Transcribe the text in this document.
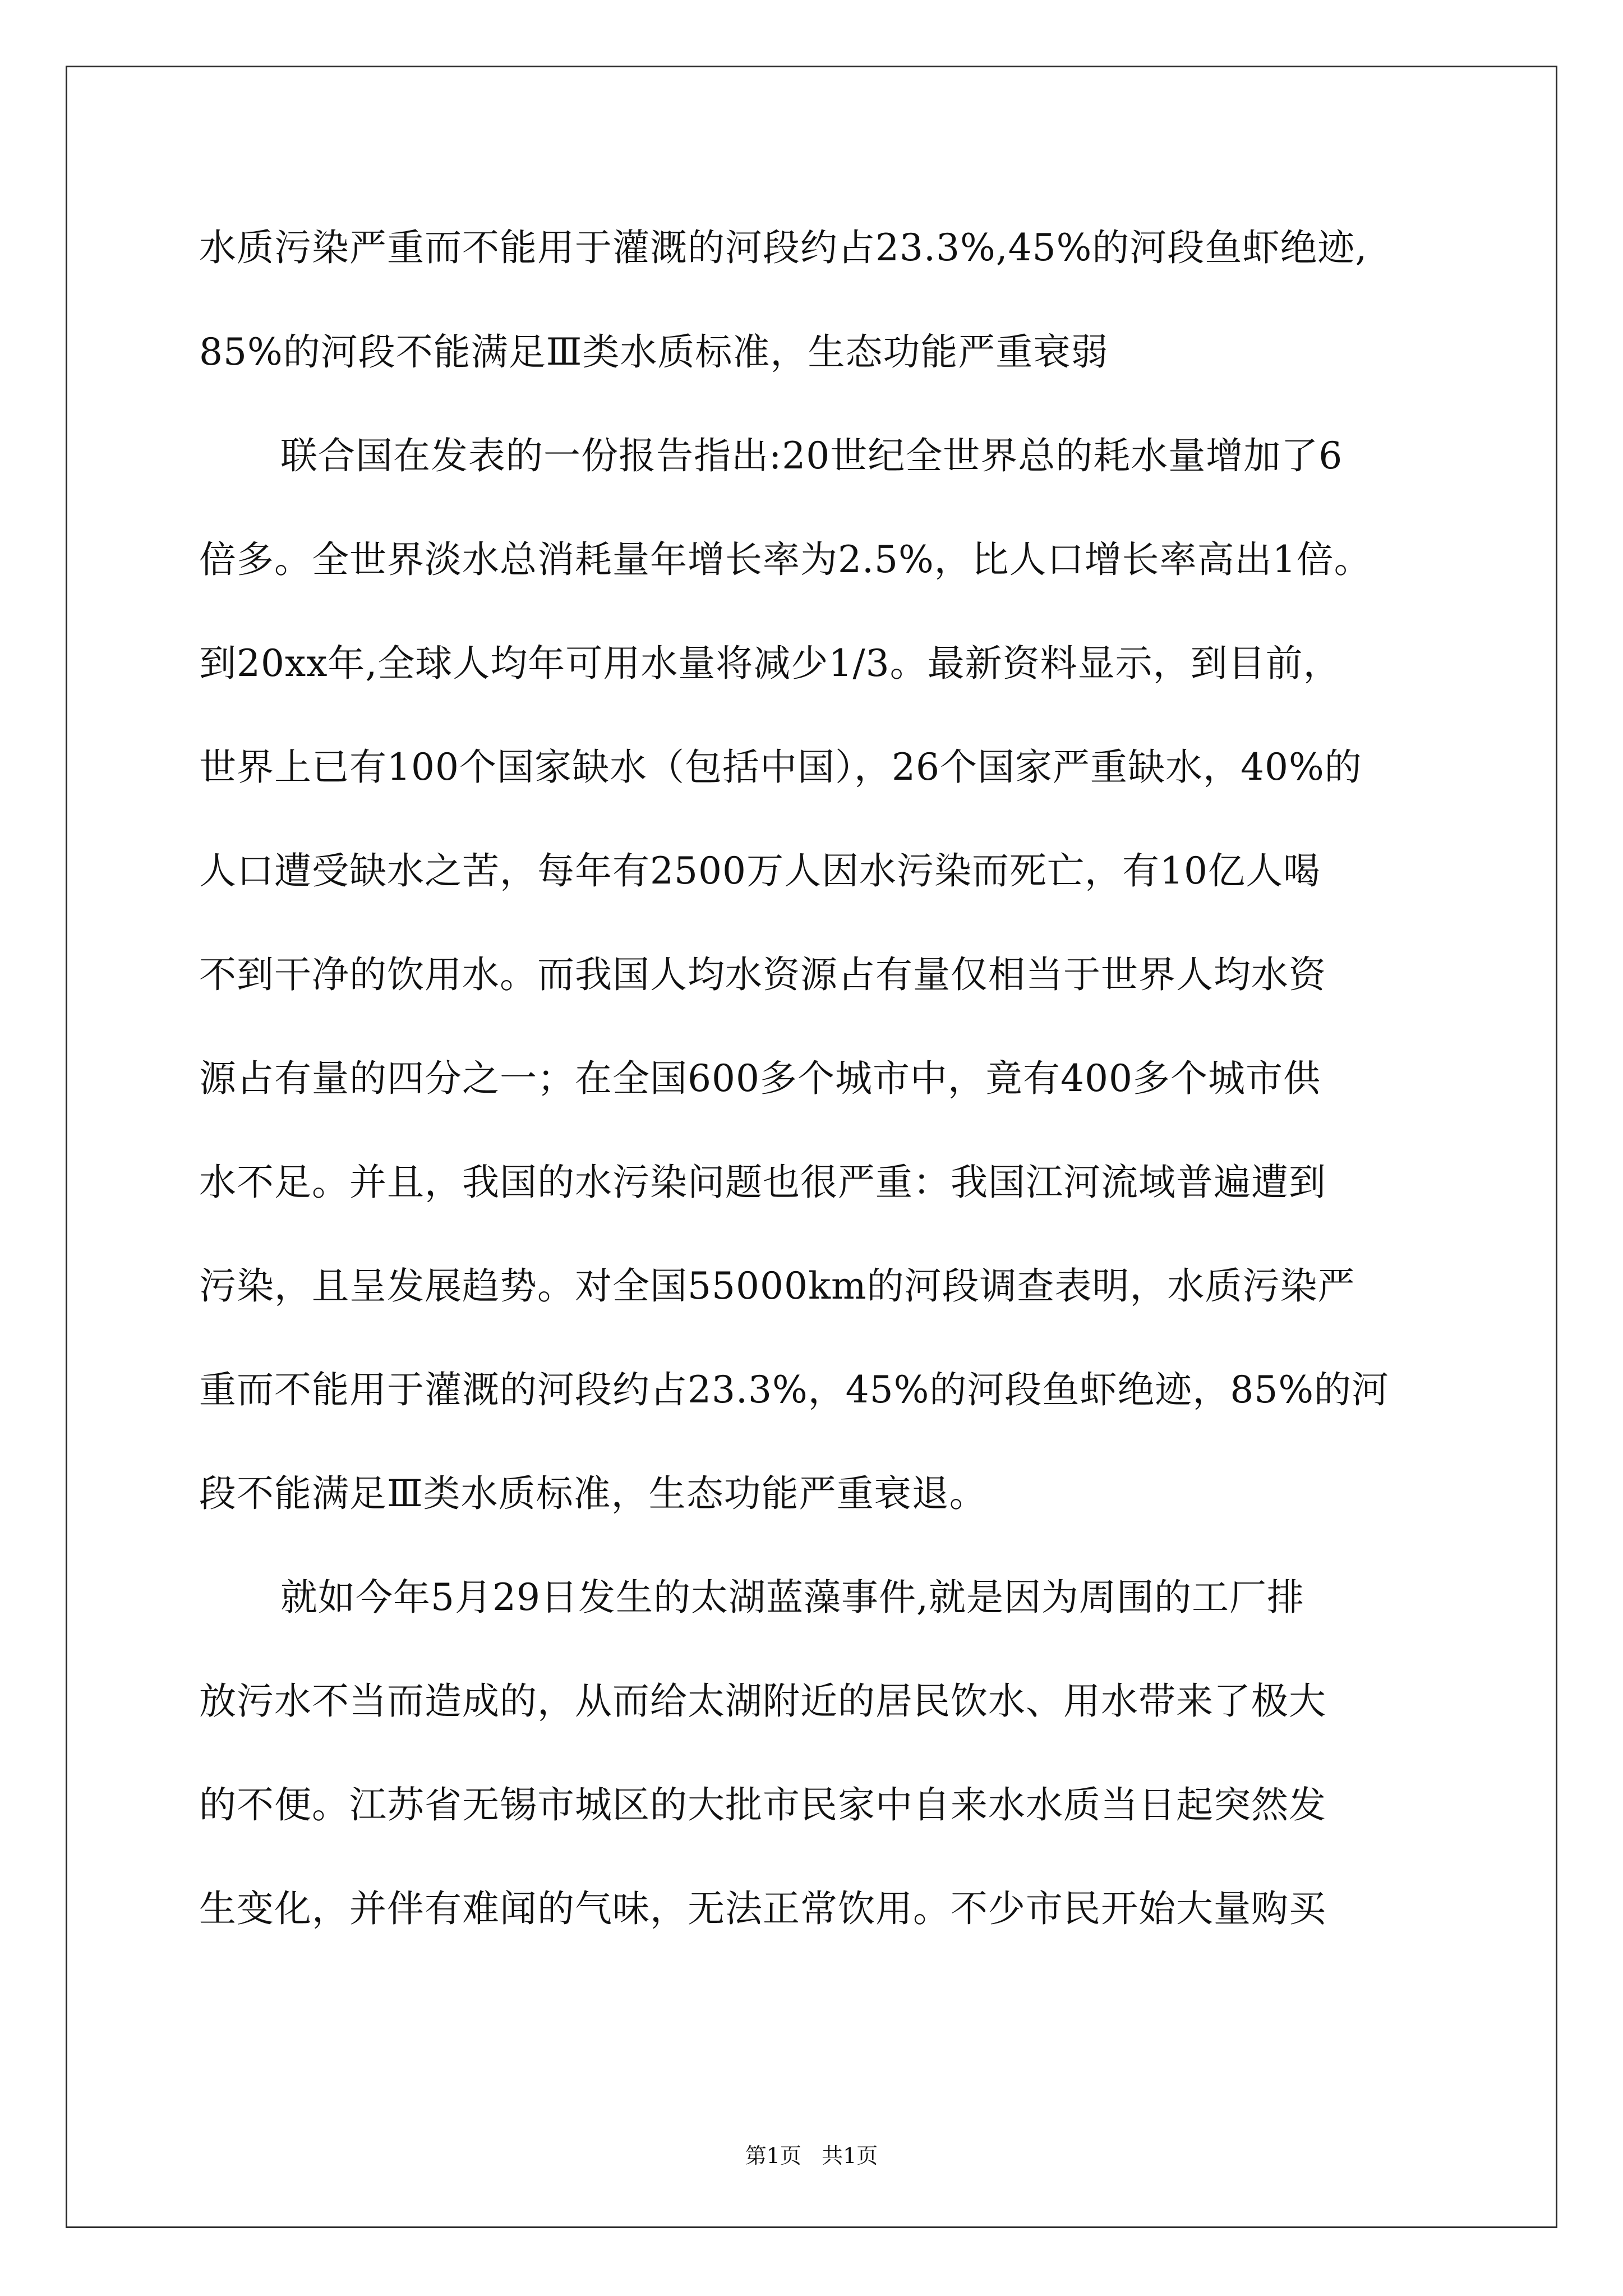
水质污染严重而不能用于灌溉的河段约占23.3%,45%的河段鱼虾绝迹,
85%的河段不能满足Ⅲ类水质标准，生态功能严重衰弱
联合国在发表的一份报告指出:20世纪全世界总的耗水量增加了6
倍多。全世界淡水总消耗量年增长率为2.5%，比人口增长率高出1倍。
到20xx年,全球人均年可用水量将减少1/3。最新资料显示，到目前，
世界上已有100个国家缺水（包括中国），26个国家严重缺水，40%的
人口遭受缺水之苦，每年有2500万人因水污染而死亡，有10亿人喝
不到干净的饮用水。而我国人均水资源占有量仅相当于世界人均水资
源占有量的四分之一；在全国600多个城市中，竟有400多个城市供
水不足。并且，我国的水污染问题也很严重：我国江河流域普遍遭到
污染，且呈发展趋势。对全国55000km的河段调查表明，水质污染严
重而不能用于灌溉的河段约占23.3%，45%的河段鱼虾绝迹，85%的河
段不能满足Ⅲ类水质标准，生态功能严重衰退。
就如今年5月29日发生的太湖蓝藻事件,就是因为周围的工厂排
放污水不当而造成的，从而给太湖附近的居民饮水、用水带来了极大
的不便。江苏省无锡市城区的大批市民家中自来水水质当日起突然发
生变化，并伴有难闻的气味，无法正常饮用。不少市民开始大量购买
第1页   共1页
